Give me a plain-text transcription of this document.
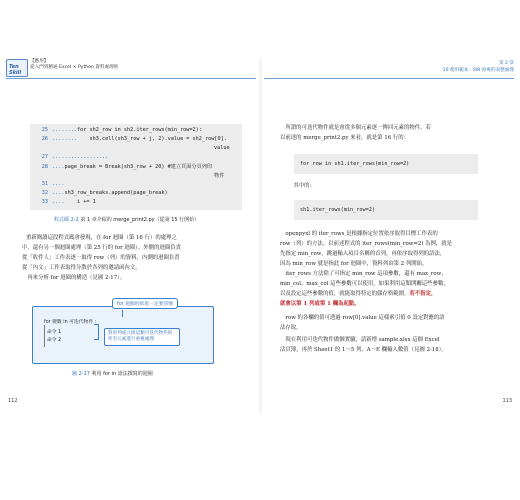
Ten Skill
【應用】
從入門到精通 Excel × Python 資料處理術
25 ........for sh2_row in sh2.iter_rows(min_row=2):
26 ........    sh3.cell(sh3_row + j, 2).value = sh2_row[0].
value
27 ..................
28 ....page_break = Break(sh3_row + 20) #建立頁面分頁列印
物件
31 ....
32 ....sh3_row_breaks.append(page_break)
33 ....    i += 1
程式碼 2-2 第 1 章介紹的 merge_print2.py（從第 15 行開始）
重新閱讀這段程式碼會發現，在 for 迴圈（第 16 行）的處理之
中，還有另一個迴圈處理（第 25 行的 for 迴圈）。外側的迴圈負責
從「收件人」工作表逐一取得 row（列）的資料，內側的迴圈負責
從「內文」工作表取得分散於各列的邀請函內文。
　再來分析 for 迴圈的構造（見圖 2-17）。
for 迴圈的結尾一定要冒號
for 變數 in 可迭代物件 ：
命令 1
命令 2
對串列或元組這類可迭代物件的所有元素進行重複處理
圖 2-17 利用 for in 語法撰寫的迴圈
112
第 2 章
10 使用範本：SW 原專的表整處理
　所謂的可迭代物件就是會從多個元素逐一傳回元素的物件，若
以前述的 merge_print2.py 來看，就是第 16 行的：
for row in sh1.iter_rows(min_row=2)
　其中的：
sh1.iter_rows(min_row=2)
　openpyxl 的 iter_rows 是根據指定位置依序取得目標工作表的
row（列）的方法。以前述程式的 iter_rows(min_row=2) 為例，就是
先指定 min_row，跳過輸入項目名稱的首列，再依序取得列的語法，
因為 min_row 就是指此 for 迴圈中，資料列由第 2 列開始。
　iter_rows 方法除了可指定 min_row 這項參數，還有 max_row、
min_col、max_col 這些參數可以使用，如果利用這類開關這些參數，
以及設定這些參數的值，就能取得特定的儲存格範圍。若不指定，
就會以第 1 列或第 1 欄為起點。
　row 的各欄的值可透過 row[0].value 這樣索引值 0 設定對應的語
法存取。
　現在利用可迭代物件做個實驗，請新增 sample.xlsx 這個 Excel
活頁簿，再於 Sheet1 的 1～5 列、A～E 欄輸入數值（見圖 2-18）。
113
